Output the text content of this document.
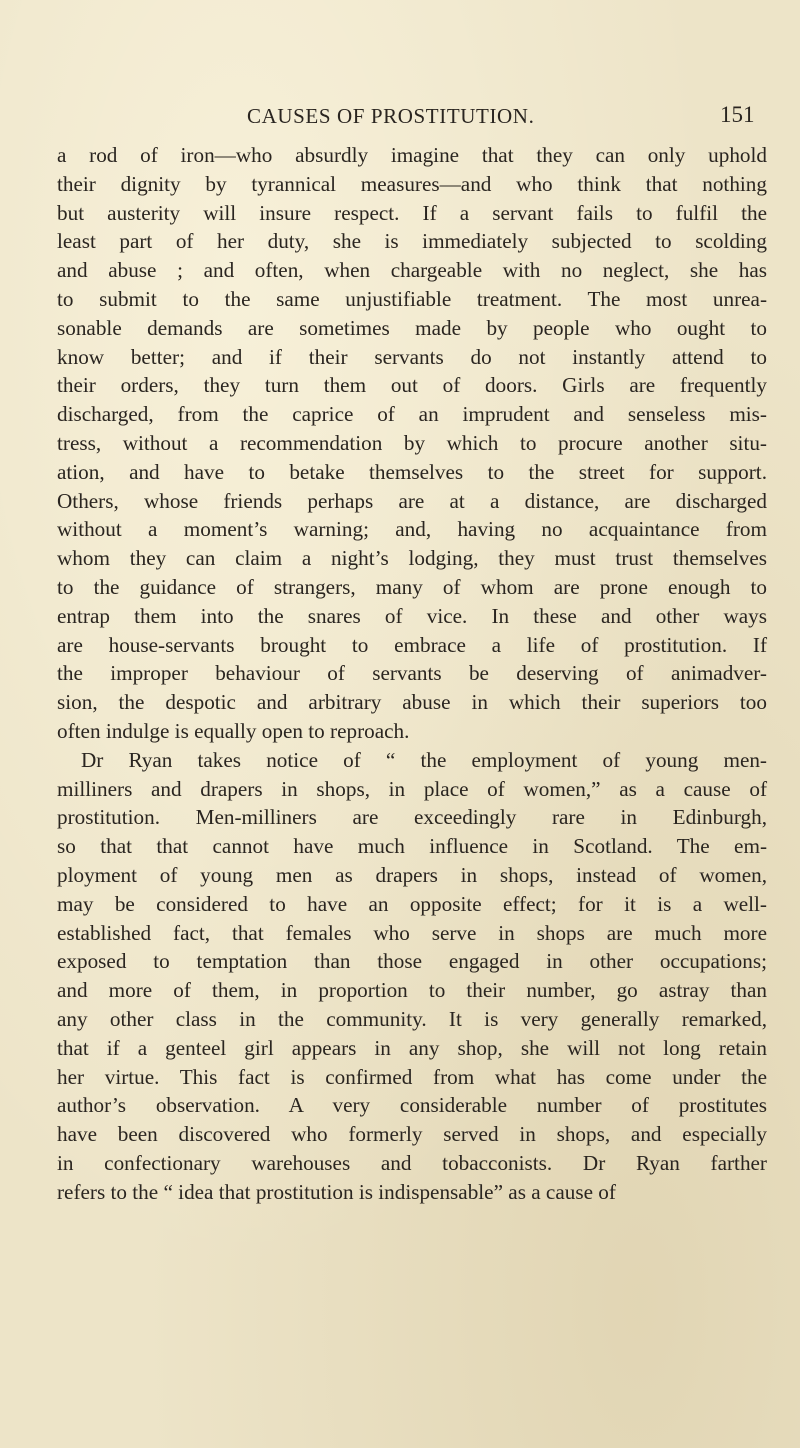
CAUSES OF PROSTITUTION.	151
a rod of iron—who absurdly imagine that they can only uphold
their dignity by tyrannical measures—and who think that nothing
but austerity will insure respect. If a servant fails to fulfil the
least part of her duty, she is immediately subjected to scolding
and abuse ; and often, when chargeable with no neglect, she has
to submit to the same unjustifiable treatment. The most unrea-
sonable demands are sometimes made by people who ought to
know better; and if their servants do not instantly attend to
their orders, they turn them out of doors. Girls are frequently
discharged, from the caprice of an imprudent and senseless mis-
tress, without a recommendation by which to procure another situ-
ation, and have to betake themselves to the street for support.
Others, whose friends perhaps are at a distance, are discharged
without a moment’s warning; and, having no acquaintance from
whom they can claim a night’s lodging, they must trust themselves
to the guidance of strangers, many of whom are prone enough to
entrap them into the snares of vice. In these and other ways
are house-servants brought to embrace a life of prostitution. If
the improper behaviour of servants be deserving of animadver-
sion, the despotic and arbitrary abuse in which their superiors too
often indulge is equally open to reproach.
Dr Ryan takes notice of “ the employment of young men-
milliners and drapers in shops, in place of women,” as a cause of
prostitution. Men-milliners are exceedingly rare in Edinburgh,
so that that cannot have much influence in Scotland. The em-
ployment of young men as drapers in shops, instead of women,
may be considered to have an opposite effect; for it is a well-
established fact, that females who serve in shops are much more
exposed to temptation than those engaged in other occupations;
and more of them, in proportion to their number, go astray than
any other class in the community. It is very generally remarked,
that if a genteel girl appears in any shop, she will not long retain
her virtue. This fact is confirmed from what has come under the
author’s observation. A very considerable number of prostitutes
have been discovered who formerly served in shops, and especially
in confectionary warehouses and tobacconists. Dr Ryan farther
refers to the “ idea that prostitution is indispensable” as a cause of
